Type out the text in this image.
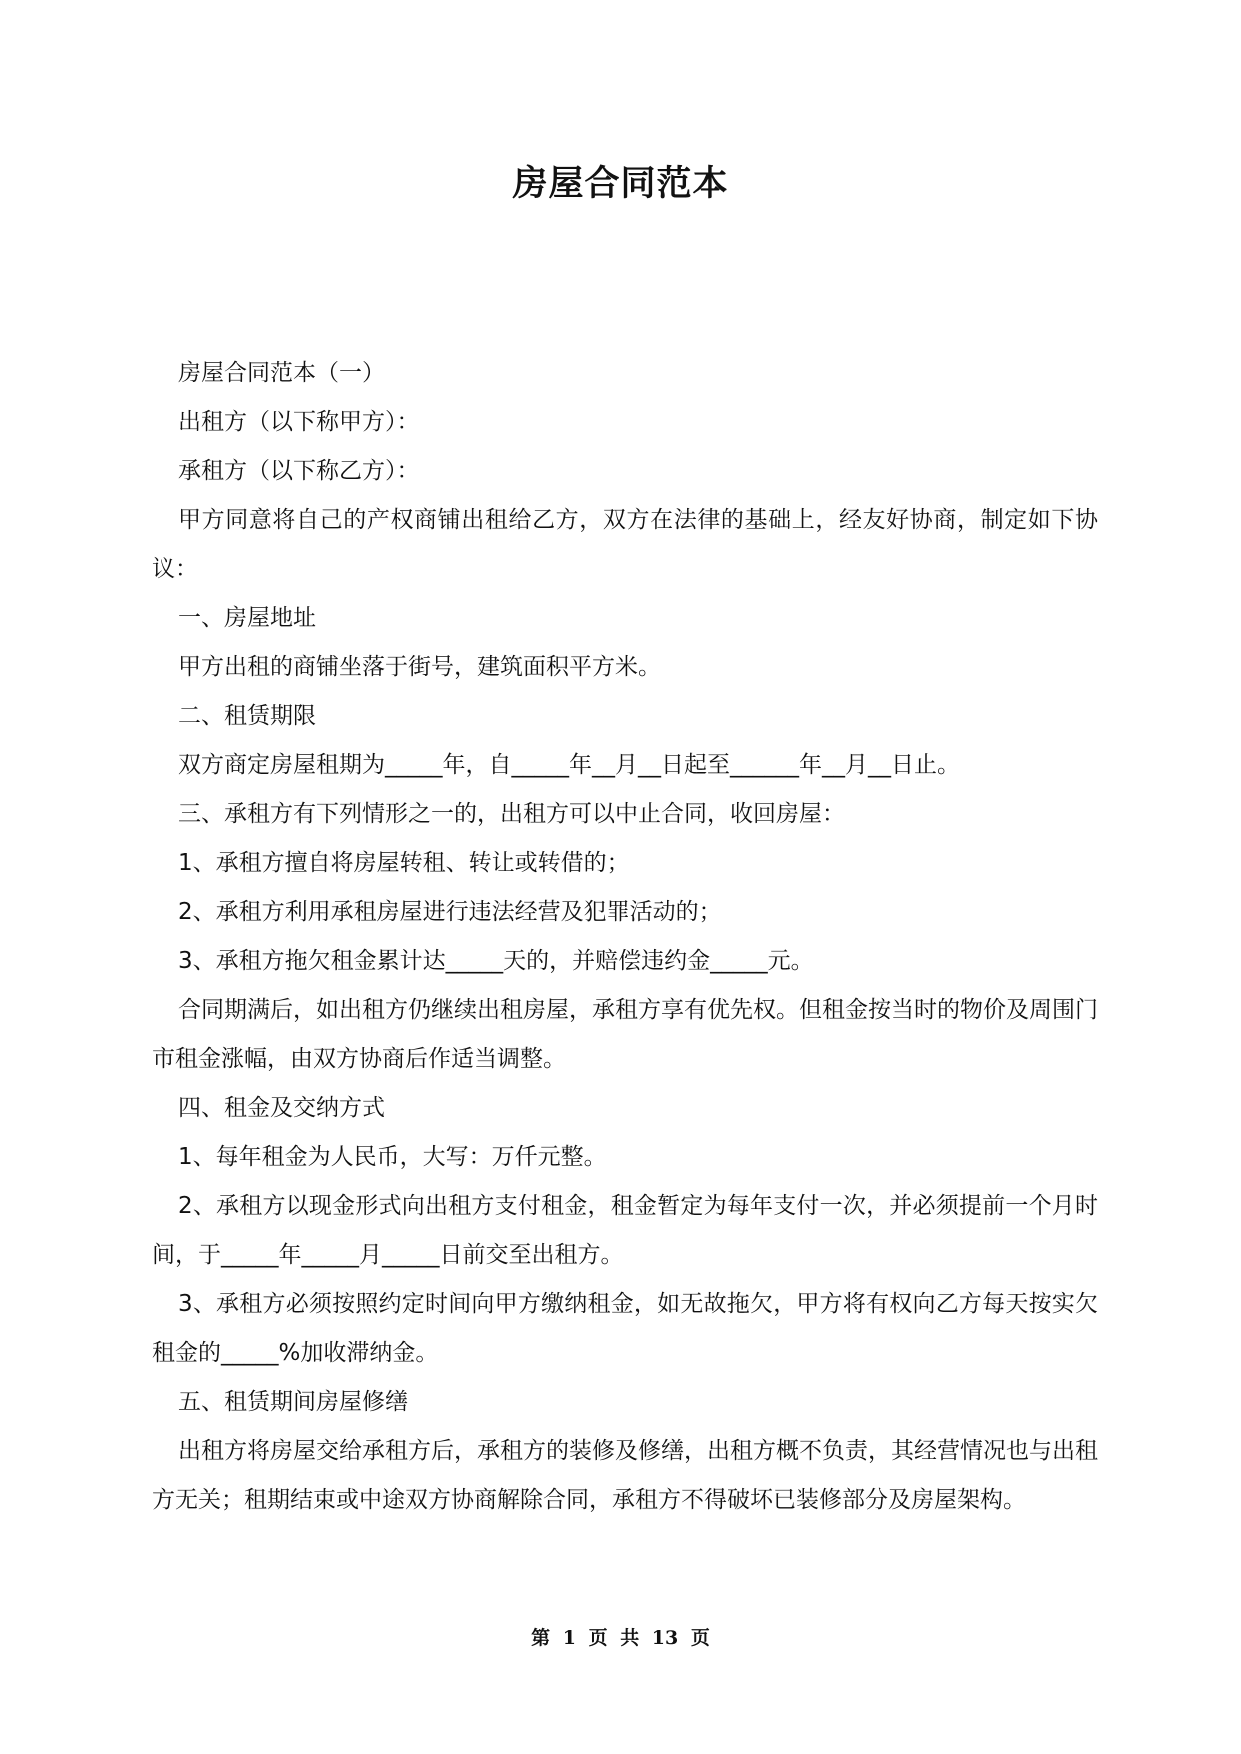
房屋合同范本

房屋合同范本（一）

出租方（以下称甲方）：

承租方（以下称乙方）：

甲方同意将自己的产权商铺出租给乙方，双方在法律的基础上，经友好协商，制定如下协议：

一、房屋地址

甲方出租的商铺坐落于街号，建筑面积平方米。

二、租赁期限

双方商定房屋租期为_____年，自_____年__月__日起至______年__月__日止。

三、承租方有下列情形之一的，出租方可以中止合同，收回房屋：

1、承租方擅自将房屋转租、转让或转借的；

2、承租方利用承租房屋进行违法经营及犯罪活动的；

3、承租方拖欠租金累计达_____天的，并赔偿违约金_____元。

合同期满后，如出租方仍继续出租房屋，承租方享有优先权。但租金按当时的物价及周围门市租金涨幅，由双方协商后作适当调整。

四、租金及交纳方式

1、每年租金为人民币，大写：万仟元整。

2、承租方以现金形式向出租方支付租金，租金暂定为每年支付一次，并必须提前一个月时间，于_____年_____月_____日前交至出租方。

3、承租方必须按照约定时间向甲方缴纳租金，如无故拖欠，甲方将有权向乙方每天按实欠租金的_____%加收滞纳金。

五、租赁期间房屋修缮

出租方将房屋交给承租方后，承租方的装修及修缮，出租方概不负责，其经营情况也与出租方无关；租期结束或中途双方协商解除合同，承租方不得破坏已装修部分及房屋架构。

第 1 页 共 13 页
